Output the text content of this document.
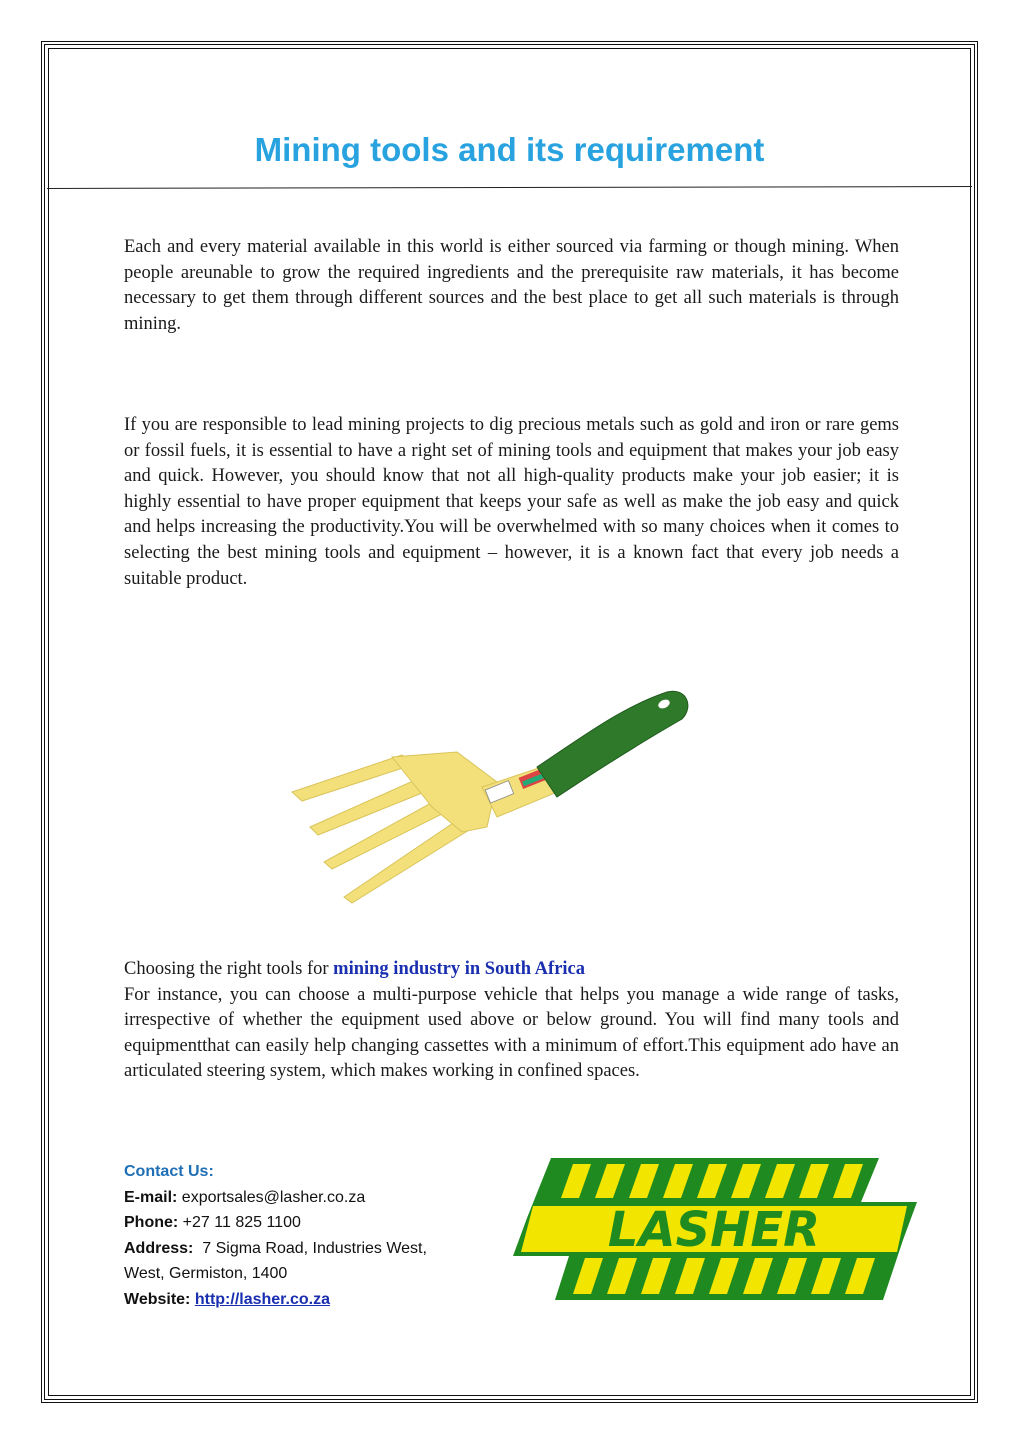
Mining tools and its requirement

Each and every material available in this world is either sourced via farming or though mining. When people areunable to grow the required ingredients and the prerequisite raw materials, it has become necessary to get them through different sources and the best place to get all such materials is through mining.

If you are responsible to lead mining projects to dig precious metals such as gold and iron or rare gems or fossil fuels, it is essential to have a right set of mining tools and equipment that makes your job easy and quick. However, you should know that not all high-quality products make your job easier; it is highly essential to have proper equipment that keeps your safe as well as make the job easy and quick and helps increasing the productivity.You will be overwhelmed with so many choices when it comes to selecting the best mining tools and equipment – however, it is a known fact that every job needs a suitable product.

Choosing the right tools for mining industry in South Africa
For instance, you can choose a multi-purpose vehicle that helps you manage a wide range of tasks, irrespective of whether the equipment used above or below ground. You will find many tools and equipmentthat can easily help changing cassettes with a minimum of effort.This equipment ado have an articulated steering system, which makes working in confined spaces.

Contact Us:
E-mail: exportsales@lasher.co.za
Phone: +27 11 825 1100
Address: 7 Sigma Road, Industries West,
West, Germiston, 1400
Website: http://lasher.co.za
LASHER
